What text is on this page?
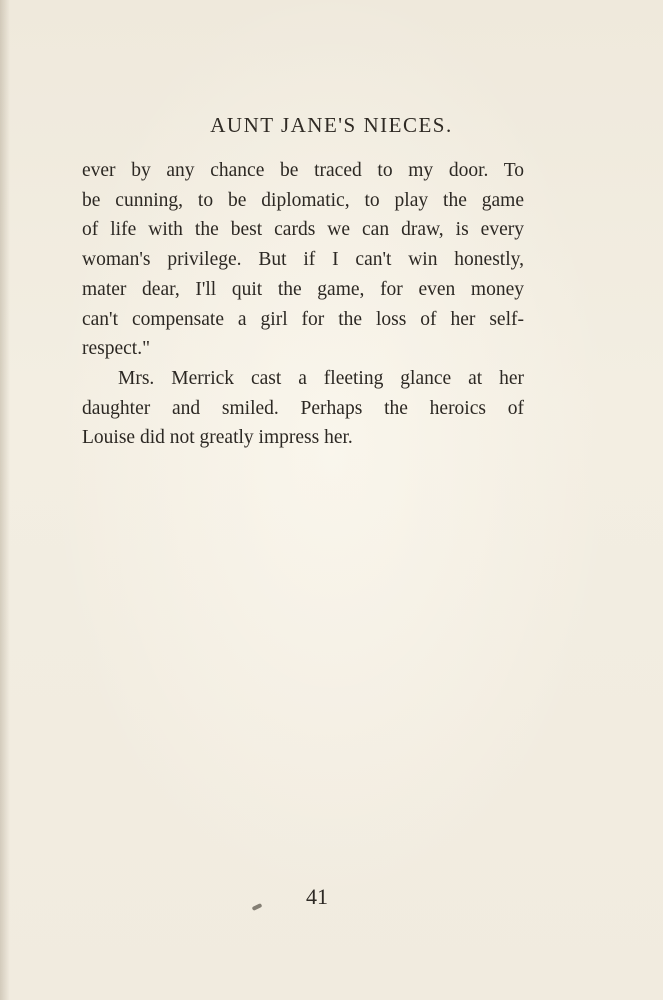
AUNT JANE'S NIECES.

ever by any chance be traced to my door. To
be cunning, to be diplomatic, to play the game
of life with the best cards we can draw, is every
woman's privilege. But if I can't win honestly,
mater dear, I'll quit the game, for even money
can't compensate a girl for the loss of her self-
respect."

Mrs. Merrick cast a fleeting glance at her
daughter and smiled. Perhaps the heroics of
Louise did not greatly impress her.

41
